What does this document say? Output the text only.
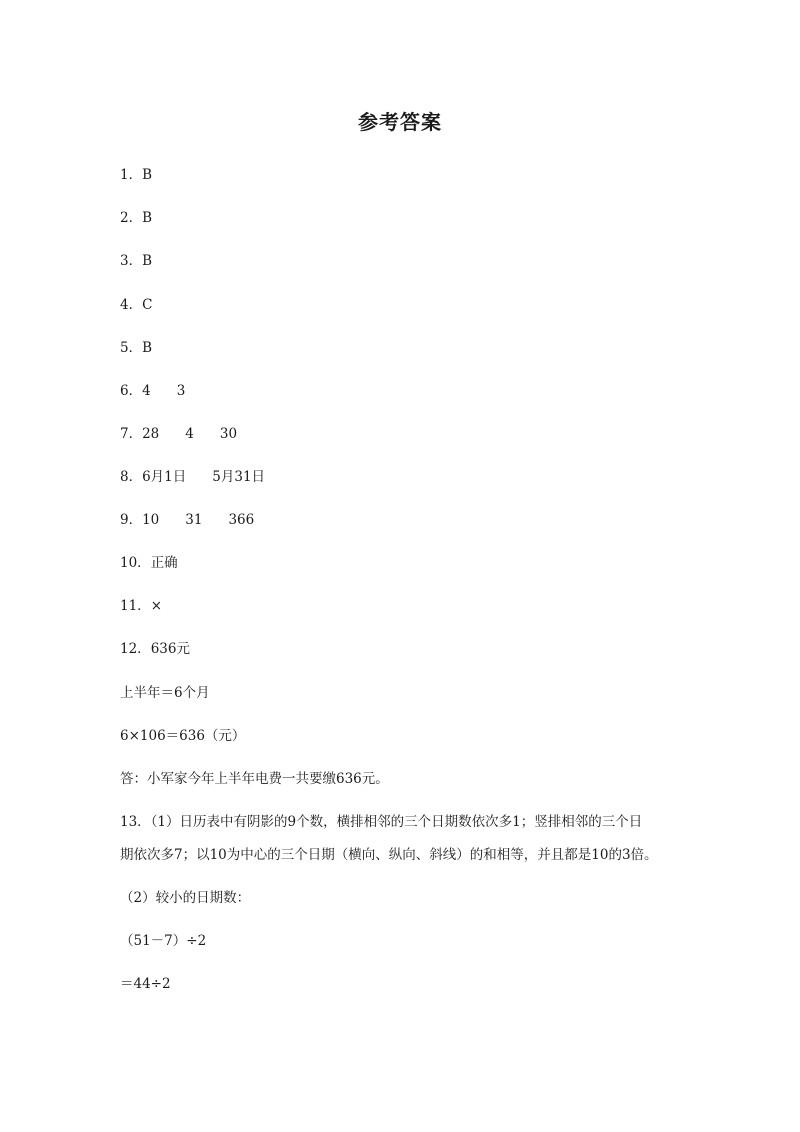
参考答案
1．B
2．B
3．B
4．C
5．B
6．4 3
7．28 4 30
8．6月1日 5月31日
9．10 31 366
10．正确
11．×
12．636元
上半年＝6个月
6×106＝636（元）
答：小军家今年上半年电费一共要缴636元。
13．（1）日历表中有阴影的9个数，横排相邻的三个日期数依次多1；竖排相邻的三个日
期依次多7；以10为中心的三个日期（横向、纵向、斜线）的和相等，并且都是10的3倍。
（2）较小的日期数：
（51－7）÷2
＝44÷2
